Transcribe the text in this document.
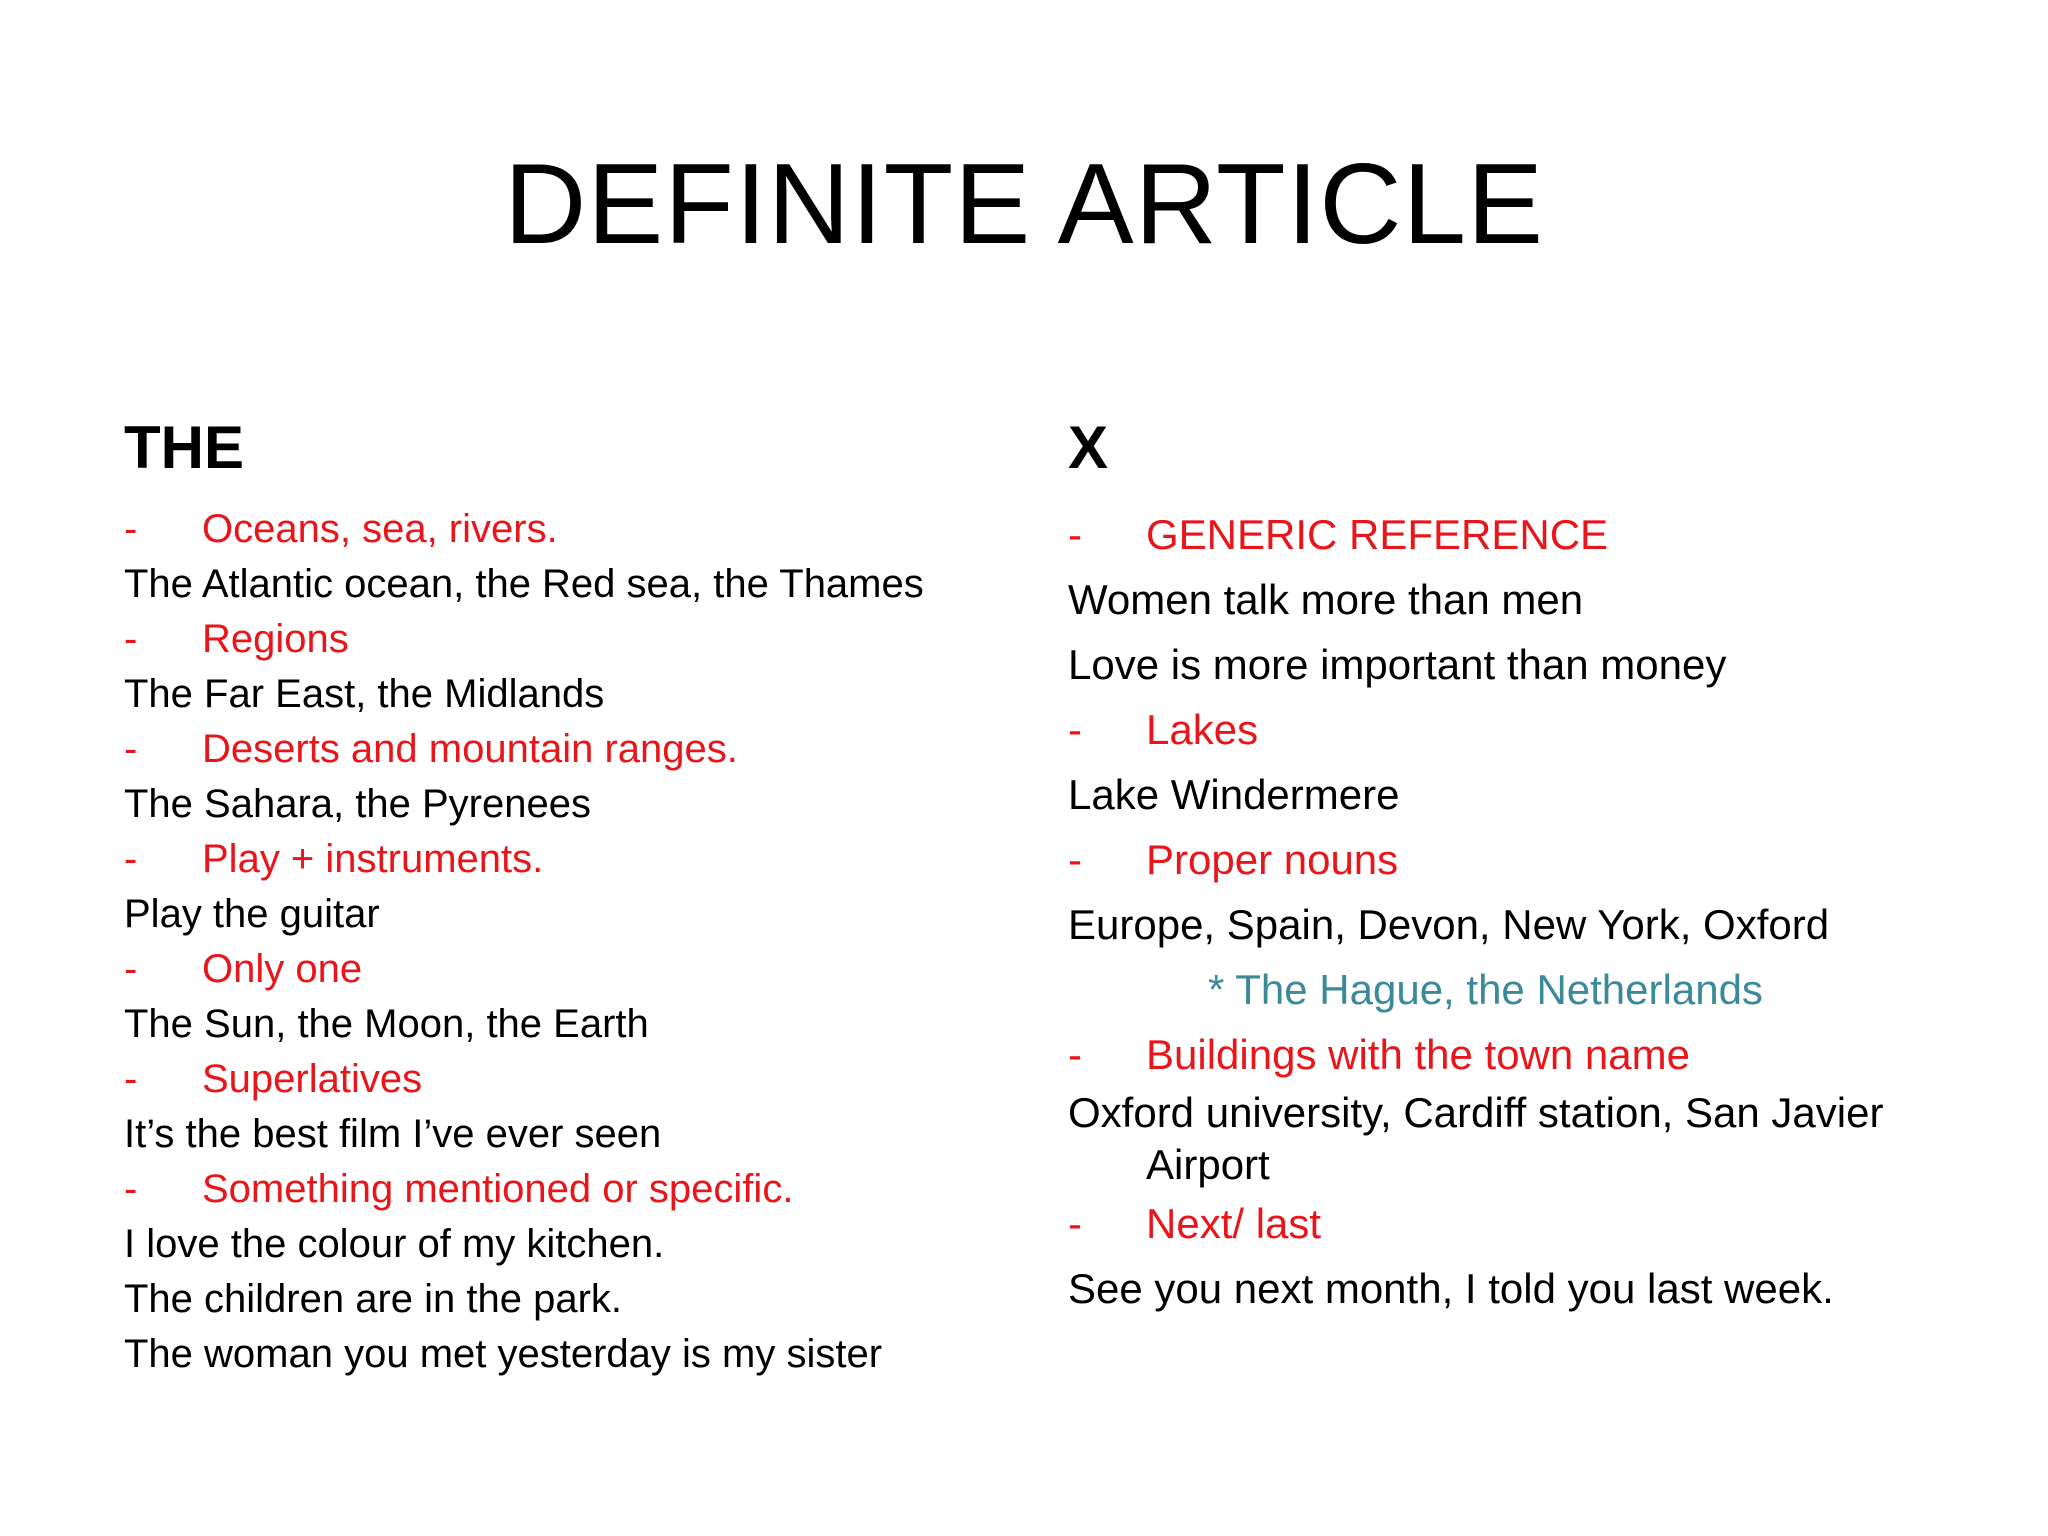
DEFINITE ARTICLE
THE
- Oceans, sea, rivers.
The Atlantic ocean, the Red sea, the Thames
- Regions
The Far East, the Midlands
- Deserts and mountain ranges.
The Sahara, the Pyrenees
- Play + instruments.
Play the guitar
- Only one
The Sun, the Moon, the Earth
- Superlatives
It’s the best film I’ve ever seen
- Something mentioned or specific.
I love the colour of my kitchen.
The children are in the park.
The woman you met yesterday is my sister
X
- GENERIC REFERENCE
Women talk more than men
Love is more important than money
- Lakes
Lake Windermere
- Proper nouns
Europe, Spain, Devon, New York, Oxford
* The Hague, the Netherlands
- Buildings with the town name
Oxford university, Cardiff station, San Javier Airport
- Next/ last
See you next month, I told you last week.
